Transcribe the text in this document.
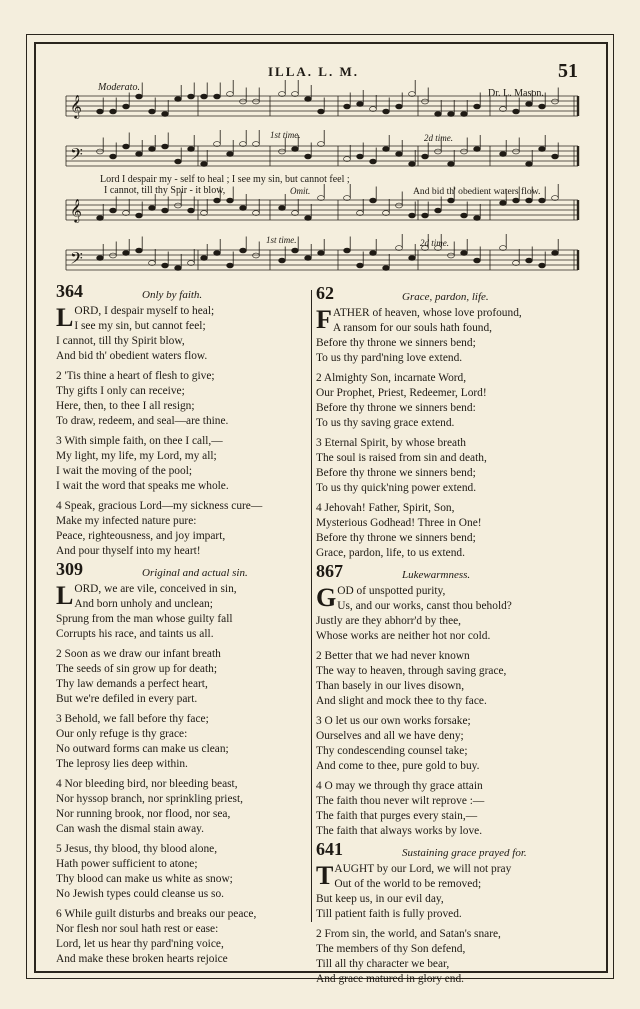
ILLA. L. M.	51
Moderato.
Dr. L. Mason.
𝄞
𝄢
𝄞
𝄢
Lord I despair my - self to heal ; I see my sin, but cannot feel ;
I cannot, till thy Spir - it blow,	Omit.	And bid th' obedient waters flow.
1st time.	2d time.
1st time.	2d time.
364	Only by faith.
LORD, I despair myself to heal;
I see my sin, but cannot feel;
I cannot, till thy Spirit blow,
And bid th' obedient waters flow.
2 'Tis thine a heart of flesh to give;
Thy gifts I only can receive;
Here, then, to thee I all resign;
To draw, redeem, and seal—are thine.
3 With simple faith, on thee I call,—
My light, my life, my Lord, my all;
I wait the moving of the pool;
I wait the word that speaks me whole.
4 Speak, gracious Lord—my sickness cure—
Make my infected nature pure:
Peace, righteousness, and joy impart,
And pour thyself into my heart!
309	Original and actual sin.
LORD, we are vile, conceived in sin,
And born unholy and unclean;
Sprung from the man whose guilty fall
Corrupts his race, and taints us all.
2 Soon as we draw our infant breath
The seeds of sin grow up for death;
Thy law demands a perfect heart,
But we're defiled in every part.
3 Behold, we fall before thy face;
Our only refuge is thy grace:
No outward forms can make us clean;
The leprosy lies deep within.
4 Nor bleeding bird, nor bleeding beast,
Nor hyssop branch, nor sprinkling priest,
Nor running brook, nor flood, nor sea,
Can wash the dismal stain away.
5 Jesus, thy blood, thy blood alone,
Hath power sufficient to atone;
Thy blood can make us white as snow;
No Jewish types could cleanse us so.
6 While guilt disturbs and breaks our peace,
Nor flesh nor soul hath rest or ease:
Lord, let us hear thy pard'ning voice,
And make these broken hearts rejoice
62	Grace, pardon, life.
FATHER of heaven, whose love profound,
A ransom for our souls hath found,
Before thy throne we sinners bend;
To us thy pard'ning love extend.
2 Almighty Son, incarnate Word,
Our Prophet, Priest, Redeemer, Lord!
Before thy throne we sinners bend:
To us thy saving grace extend.
3 Eternal Spirit, by whose breath
The soul is raised from sin and death,
Before thy throne we sinners bend;
To us thy quick'ning power extend.
4 Jehovah! Father, Spirit, Son,
Mysterious Godhead! Three in One!
Before thy throne we sinners bend;
Grace, pardon, life, to us extend.
867	Lukewarmness.
GOD of unspotted purity,
Us, and our works, canst thou behold?
Justly are they abhorr'd by thee,
Whose works are neither hot nor cold.
2 Better that we had never known
The way to heaven, through saving grace,
Than basely in our lives disown,
And slight and mock thee to thy face.
3 O let us our own works forsake;
Ourselves and all we have deny;
Thy condescending counsel take;
And come to thee, pure gold to buy.
4 O may we through thy grace attain
The faith thou never wilt reprove :—
The faith that purges every stain,—
The faith that always works by love.
641	Sustaining grace prayed for.
TAUGHT by our Lord, we will not pray
Out of the world to be removed;
But keep us, in our evil day,
Till patient faith is fully proved.
2 From sin, the world, and Satan's snare,
The members of thy Son defend,
Till all thy character we bear,
And grace matured in glory end.
